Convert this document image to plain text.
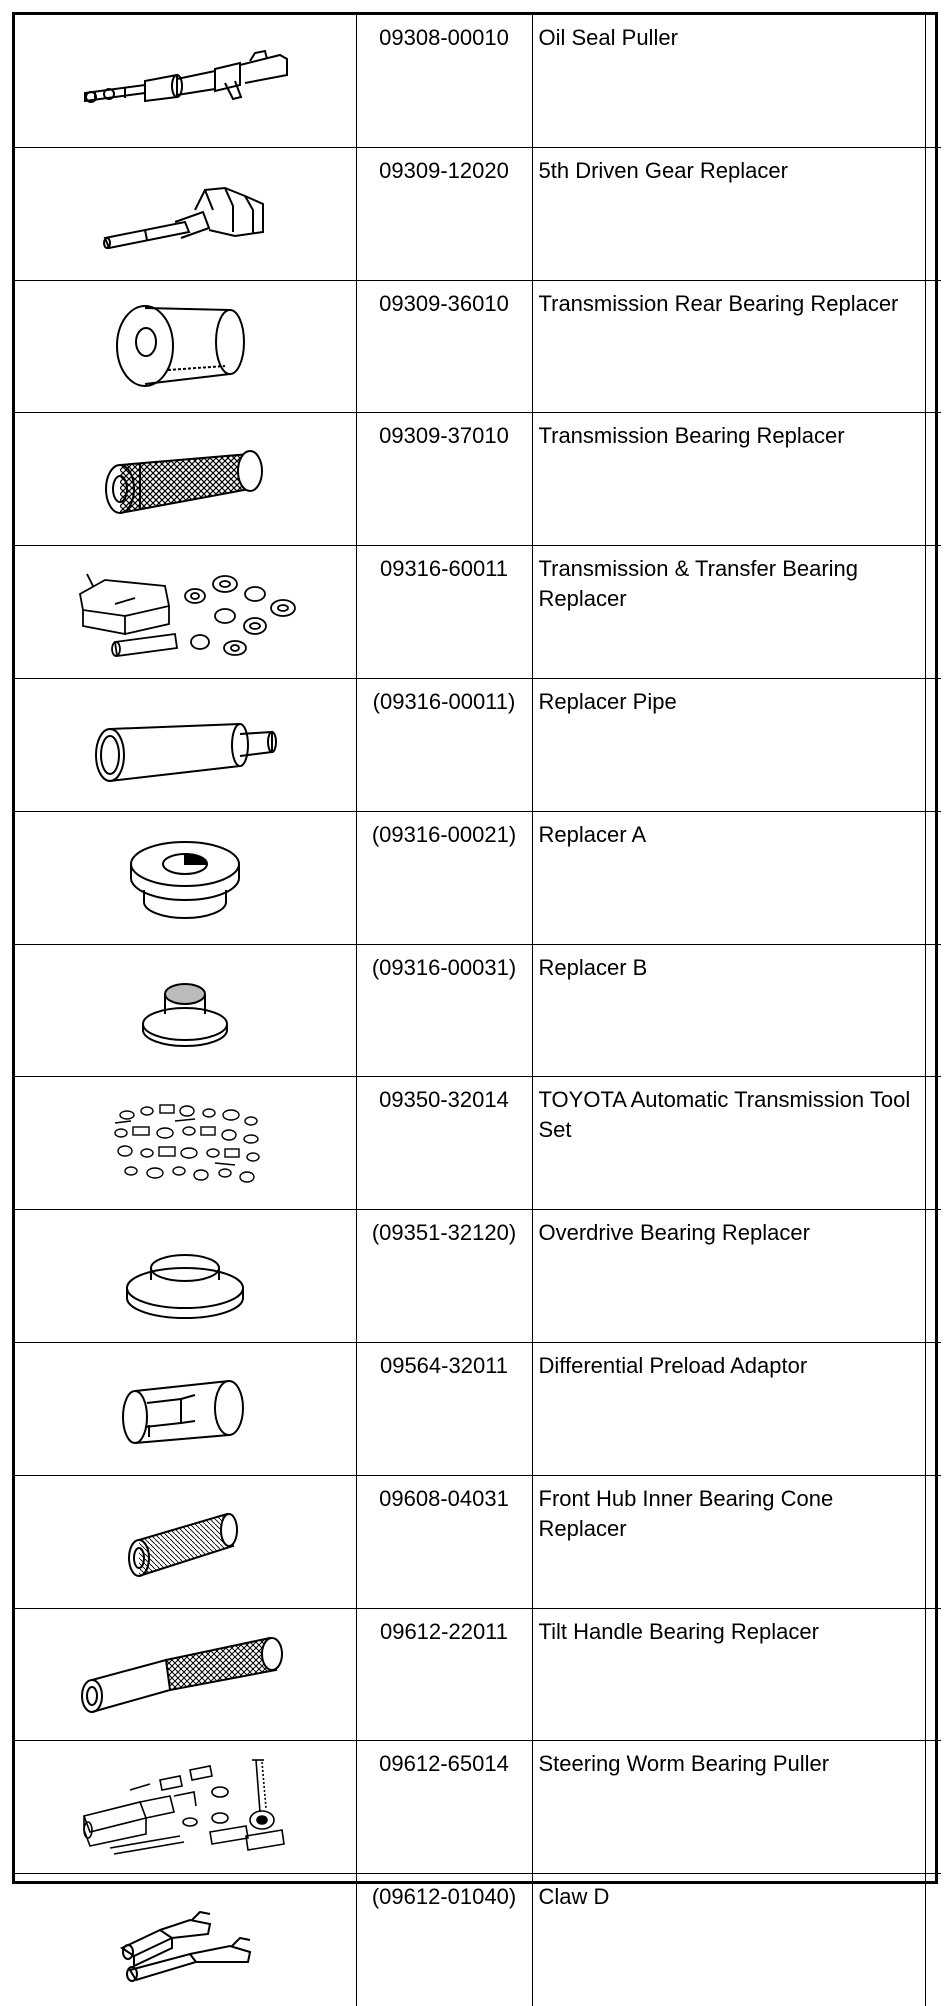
	09308-00010	Oil Seal Puller	

	09309-12020	5th Driven Gear Replacer	

	09309-36010	Transmission Rear Bearing Replacer	

	09309-37010	Transmission Bearing Replacer	

	09316-60011	Transmission & Transfer Bearing Replacer	

	(09316-00011)	Replacer Pipe	

	(09316-00021)	Replacer A	

	(09316-00031)	Replacer B	

	09350-32014	TOYOTA Automatic Transmission Tool Set	

	(09351-32120)	Overdrive Bearing Replacer	

	09564-32011	Differential Preload Adaptor	

	09608-04031	Front Hub Inner Bearing Cone Replacer	

	09612-22011	Tilt Handle Bearing Replacer	

	09612-65014	Steering Worm Bearing Puller	

	(09612-01040)	Claw D	
